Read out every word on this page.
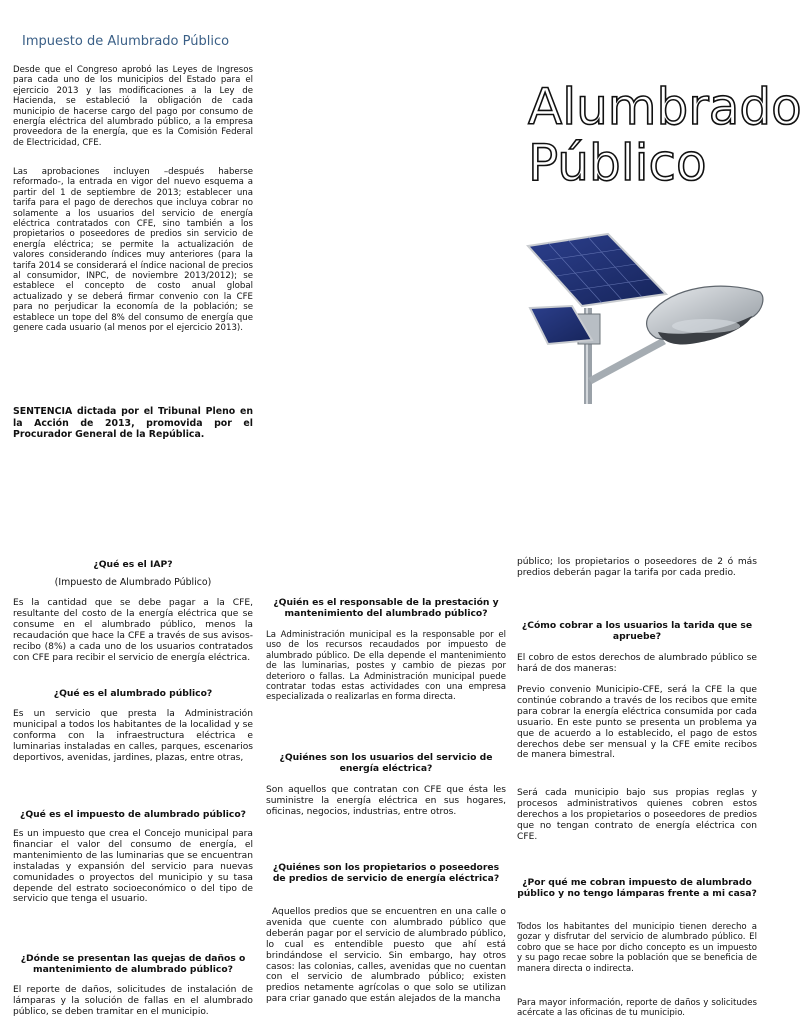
Impuesto de Alumbrado Público
Desde que el Congreso aprobó las Leyes de Ingresos para cada uno de los municipios del Estado para el ejercicio 2013 y las modificaciones a la Ley de Hacienda, se estableció la obligación de cada municipio de hacerse cargo del pago por consumo de energía eléctrica del alumbrado público, a la empresa proveedora de la energía, que es la Comisión Federal de Electricidad, CFE.
Las aprobaciones incluyen –después haberse reformado-, la entrada en vigor del nuevo esquema a partir del 1 de septiembre de 2013; establecer una tarifa para el pago de derechos que incluya cobrar no solamente a los usuarios del servicio de energía eléctrica contratados con CFE, sino también a los propietarios o poseedores de predios sin servicio de energía eléctrica; se permite la actualización de valores considerando índices muy anteriores (para la tarifa 2014 se considerará el índice nacional de precios al consumidor, INPC, de noviembre 2013/2012); se establece el concepto de costo anual global actualizado y se deberá firmar convenio con la CFE para no perjudicar la economía de la población; se establece un tope del 8% del consumo de energía que genere cada usuario (al menos por el ejercicio 2013).
SENTENCIA dictada por el Tribunal Pleno en la Acción de 2013, promovida por el Procurador General de la República.
Alumbrado
Público
¿Qué es el IAP?
(Impuesto de Alumbrado Público)
Es la cantidad que se debe pagar a la CFE, resultante del costo de la energía eléctrica que se consume en el alumbrado público, menos la recaudación que hace la CFE a través de sus avisos-recibo (8%) a cada uno de los usuarios contratados con CFE para recibir el servicio de energía eléctrica.
¿Qué es el alumbrado público?
Es un servicio que presta la Administración municipal a todos los habitantes de la localidad y se conforma con la infraestructura eléctrica e luminarias instaladas en calles, parques, escenarios deportivos, avenidas, jardines, plazas, entre otras,
¿Qué es el impuesto de alumbrado público?
Es un impuesto que crea el Concejo municipal para financiar el valor del consumo de energía, el mantenimiento de las luminarias que se encuentran instaladas y expansión del servicio para nuevas comunidades o proyectos del municipio y su tasa depende del estrato socioeconómico o del tipo de servicio que tenga el usuario.
¿Dónde se presentan las quejas de daños o mantenimiento de alumbrado público?
El reporte de daños, solicitudes de instalación de lámparas y la solución de fallas en el alumbrado público, se deben tramitar en el municipio.
¿Quién es el responsable de la prestación y mantenimiento del alumbrado público?
La Administración municipal es la responsable por el uso de los recursos recaudados por impuesto de alumbrado público. De ella depende el mantenimiento de las luminarias, postes y cambio de piezas por deterioro o fallas. La Administración municipal puede contratar todas estas actividades con una empresa especializada o realizarlas en forma directa.
¿Quiénes son los usuarios del servicio de energía eléctrica?
Son aquellos que contratan con CFE que ésta les suministre la energía eléctrica en sus hogares, oficinas, negocios, industrias, entre otros.
¿Quiénes son los propietarios o poseedores de predios de servicio de energía eléctrica?
Aquellos predios que se encuentren en una calle o avenida que cuente con alumbrado público que deberán pagar por el servicio de alumbrado público, lo cual es entendible puesto que ahí está brindándose el servicio. Sin embargo, hay otros casos: las colonias, calles, avenidas que no cuentan con el servicio de alumbrado público; existen predios netamente agrícolas o que solo se utilizan para criar ganado que están alejados de la mancha
público; los propietarios o poseedores de 2 ó más predios deberán pagar la tarifa por cada predio.
¿Cómo cobrar a los usuarios la tarida que se apruebe?
El cobro de estos derechos de alumbrado público se hará de dos maneras:
Previo convenio Municipio-CFE, será la CFE la que continúe cobrando a través de los recibos que emite para cobrar la energía eléctrica consumida por cada usuario. En este punto se presenta un problema ya que de acuerdo a lo establecido, el pago de estos derechos debe ser mensual y la CFE emite recibos de manera bimestral.
Será cada municipio bajo sus propias reglas y procesos administrativos quienes cobren estos derechos a los propietarios o poseedores de predios que no tengan contrato de energía eléctrica con CFE.
¿Por qué me cobran impuesto de alumbrado público y no tengo lámparas frente a mi casa?
Todos los habitantes del municipio tienen derecho a gozar y disfrutar del servicio de alumbrado público. El cobro que se hace por dicho concepto es un impuesto y su pago recae sobre la población que se beneficia de manera directa o indirecta.
Para mayor información, reporte de daños y solicitudes acércate a las oficinas de tu municipio.
